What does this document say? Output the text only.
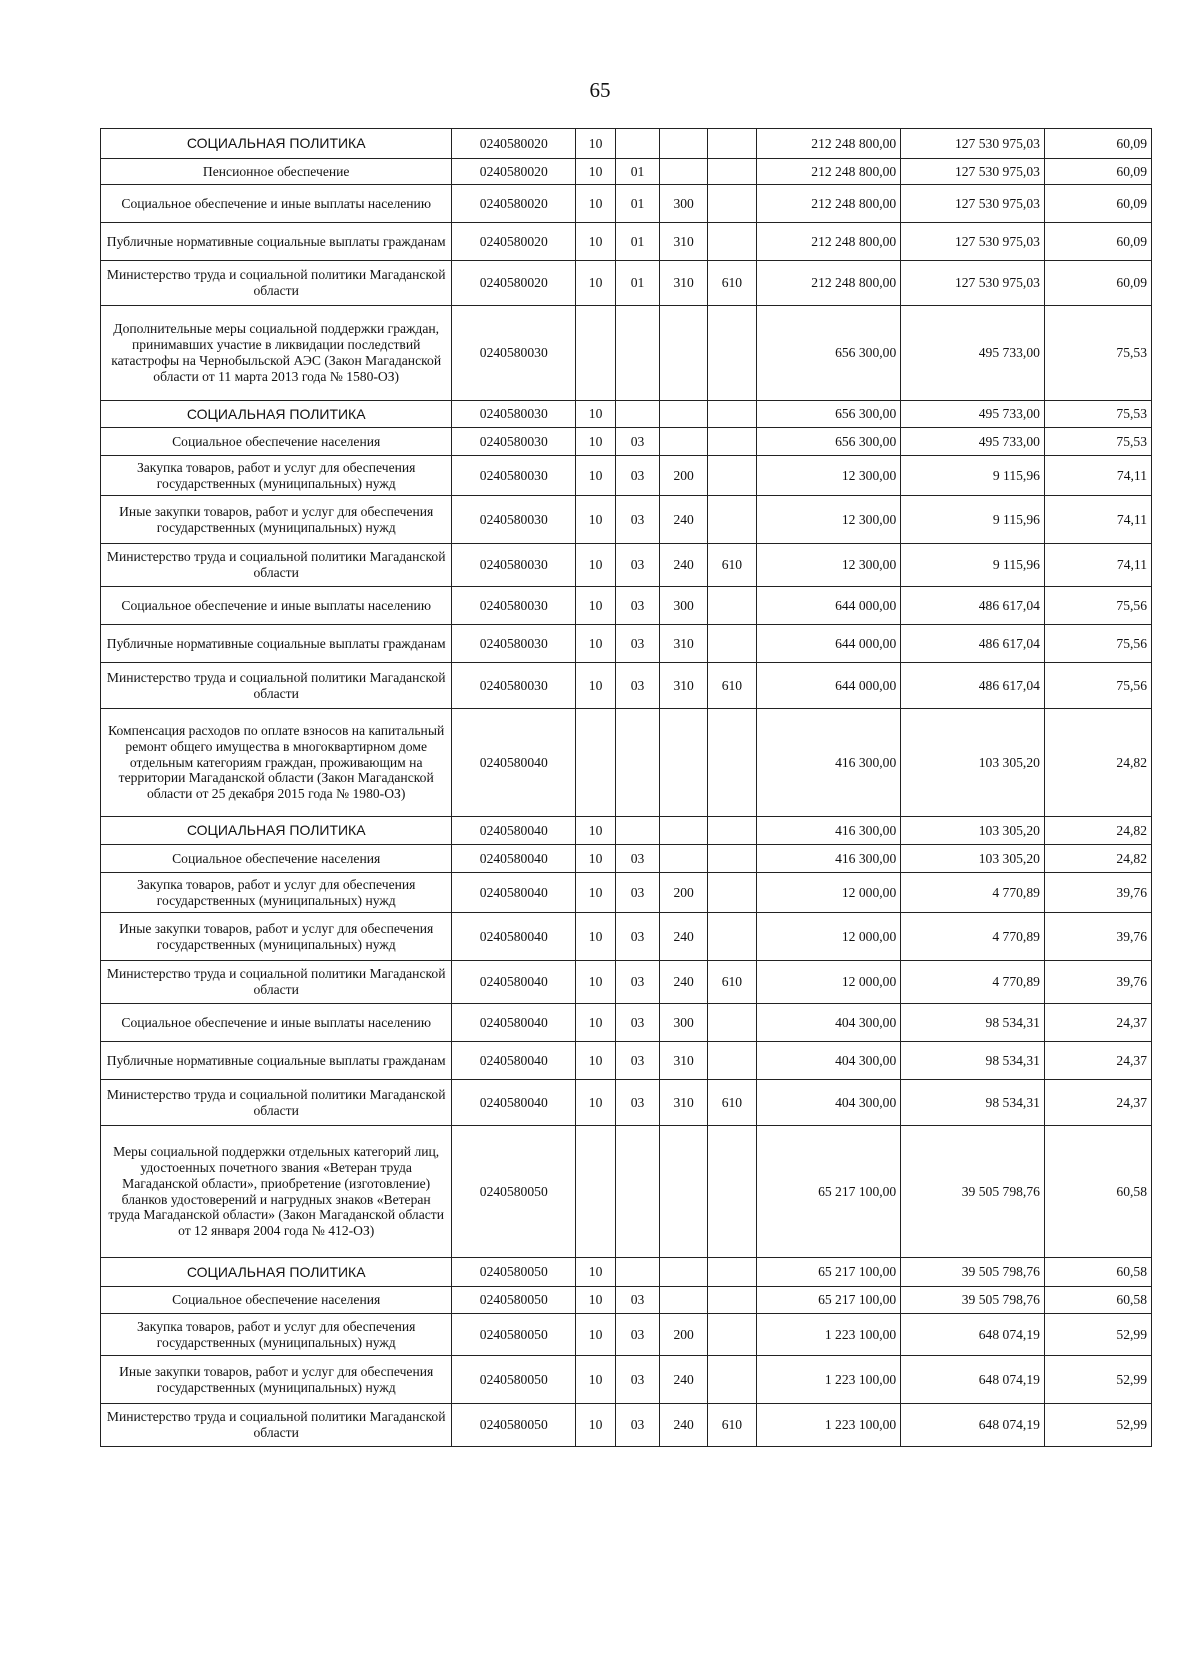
65
СОЦИАЛЬНАЯ ПОЛИТИКА	0240580020	10				212 248 800,00	127 530 975,03	60,09
Пенсионное обеспечение	0240580020	10	01			212 248 800,00	127 530 975,03	60,09
Социальное обеспечение и иные выплаты населению	0240580020	10	01	300		212 248 800,00	127 530 975,03	60,09
Публичные нормативные социальные выплаты гражданам	0240580020	10	01	310		212 248 800,00	127 530 975,03	60,09
Министерство труда и социальной политики Магаданской области	0240580020	10	01	310	610	212 248 800,00	127 530 975,03	60,09
Дополнительные меры социальной поддержки граждан, принимавших участие в ликвидации последствий катастрофы на Чернобыльской АЭС (Закон Магаданской области от 11 марта 2013 года № 1580-ОЗ)	0240580030					656 300,00	495 733,00	75,53
СОЦИАЛЬНАЯ ПОЛИТИКА	0240580030	10				656 300,00	495 733,00	75,53
Социальное обеспечение населения	0240580030	10	03			656 300,00	495 733,00	75,53
Закупка товаров, работ и услуг для обеспечения государственных (муниципальных) нужд	0240580030	10	03	200		12 300,00	9 115,96	74,11
Иные закупки товаров, работ и услуг для обеспечения государственных (муниципальных) нужд	0240580030	10	03	240		12 300,00	9 115,96	74,11
Министерство труда и социальной политики Магаданской области	0240580030	10	03	240	610	12 300,00	9 115,96	74,11
Социальное обеспечение и иные выплаты населению	0240580030	10	03	300		644 000,00	486 617,04	75,56
Публичные нормативные социальные выплаты гражданам	0240580030	10	03	310		644 000,00	486 617,04	75,56
Министерство труда и социальной политики Магаданской области	0240580030	10	03	310	610	644 000,00	486 617,04	75,56
Компенсация расходов по оплате взносов на капитальный ремонт общего имущества в многоквартирном доме отдельным категориям граждан, проживающим на территории Магаданской области (Закон Магаданской области от 25 декабря 2015 года № 1980-ОЗ)	0240580040					416 300,00	103 305,20	24,82
СОЦИАЛЬНАЯ ПОЛИТИКА	0240580040	10				416 300,00	103 305,20	24,82
Социальное обеспечение населения	0240580040	10	03			416 300,00	103 305,20	24,82
Закупка товаров, работ и услуг для обеспечения государственных (муниципальных) нужд	0240580040	10	03	200		12 000,00	4 770,89	39,76
Иные закупки товаров, работ и услуг для обеспечения государственных (муниципальных) нужд	0240580040	10	03	240		12 000,00	4 770,89	39,76
Министерство труда и социальной политики Магаданской области	0240580040	10	03	240	610	12 000,00	4 770,89	39,76
Социальное обеспечение и иные выплаты населению	0240580040	10	03	300		404 300,00	98 534,31	24,37
Публичные нормативные социальные выплаты гражданам	0240580040	10	03	310		404 300,00	98 534,31	24,37
Министерство труда и социальной политики Магаданской области	0240580040	10	03	310	610	404 300,00	98 534,31	24,37
Меры социальной поддержки отдельных категорий лиц, удостоенных почетного звания «Ветеран труда Магаданской области», приобретение (изготовление) бланков удостоверений и нагрудных знаков «Ветеран труда Магаданской области» (Закон Магаданской области от 12 января 2004 года № 412-ОЗ)	0240580050					65 217 100,00	39 505 798,76	60,58
СОЦИАЛЬНАЯ ПОЛИТИКА	0240580050	10				65 217 100,00	39 505 798,76	60,58
Социальное обеспечение населения	0240580050	10	03			65 217 100,00	39 505 798,76	60,58
Закупка товаров, работ и услуг для обеспечения государственных (муниципальных) нужд	0240580050	10	03	200		1 223 100,00	648 074,19	52,99
Иные закупки товаров, работ и услуг для обеспечения государственных (муниципальных) нужд	0240580050	10	03	240		1 223 100,00	648 074,19	52,99
Министерство труда и социальной политики Магаданской области	0240580050	10	03	240	610	1 223 100,00	648 074,19	52,99
